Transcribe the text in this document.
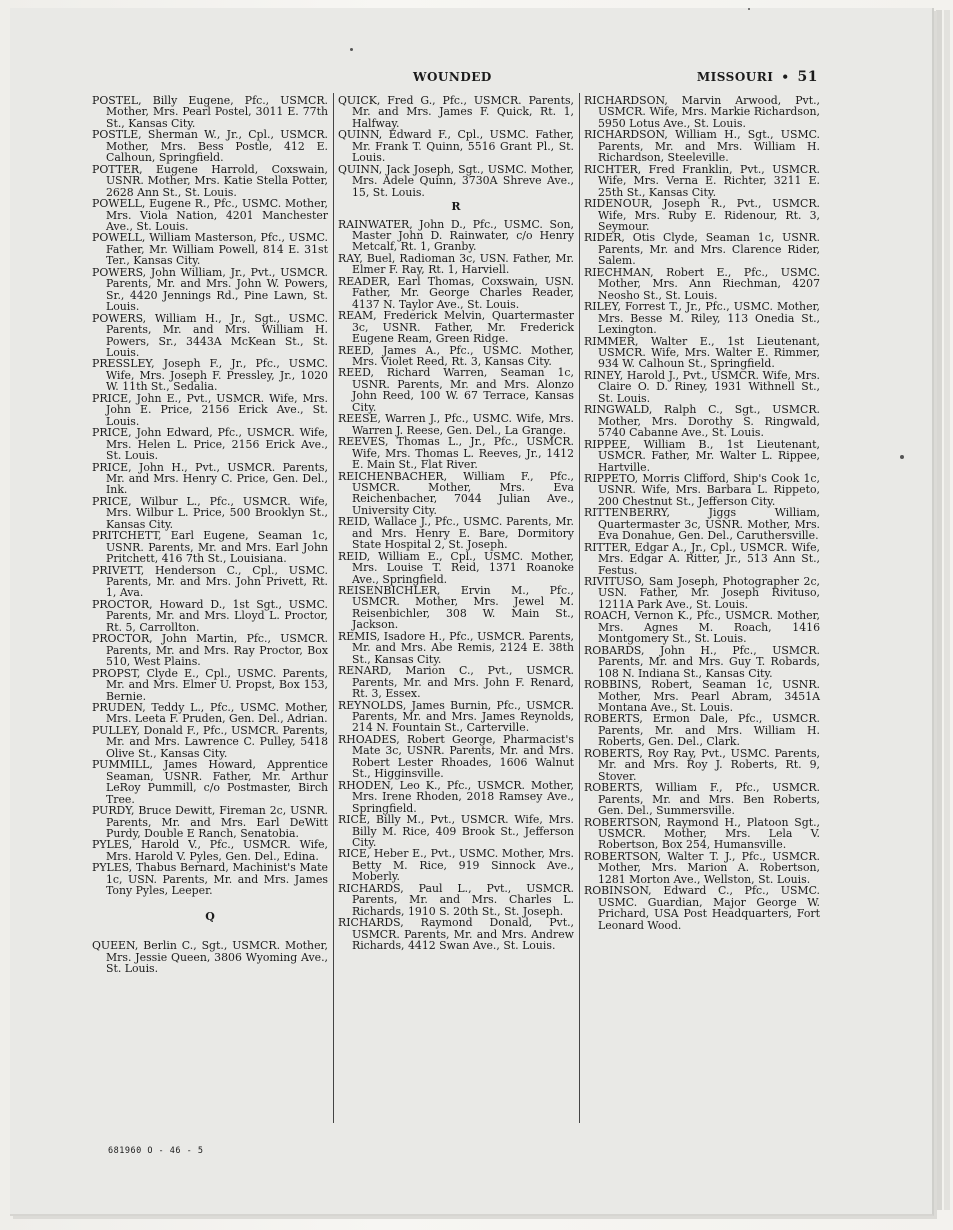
WOUNDED	MISSOURI • 51

POSTEL, Billy Eugene, Pfc., USMCR. Mother, Mrs. Pearl Postel, 3011 E. 77th St., Kansas City.

POSTLE, Sherman W., Jr., Cpl., USMCR. Mother, Mrs. Bess Postle, 412 E. Calhoun, Springfield.

POTTER, Eugene Harrold, Coxswain, USNR. Mother, Mrs. Katie Stella Potter, 2628 Ann St., St. Louis.

POWELL, Eugene R., Pfc., USMC. Mother, Mrs. Viola Nation, 4201 Manchester Ave., St. Louis.

POWELL, William Masterson, Pfc., USMC. Father, Mr. William Powell, 814 E. 31st Ter., Kansas City.

POWERS, John William, Jr., Pvt., USMCR. Parents, Mr. and Mrs. John W. Powers, Sr., 4420 Jennings Rd., Pine Lawn, St. Louis.

POWERS, William H., Jr., Sgt., USMC. Parents, Mr. and Mrs. William H. Powers, Sr., 3443A McKean St., St. Louis.

PRESSLEY, Joseph F., Jr., Pfc., USMC. Wife, Mrs. Joseph F. Pressley, Jr., 1020 W. 11th St., Sedalia.

PRICE, John E., Pvt., USMCR. Wife, Mrs. John E. Price, 2156 Erick Ave., St. Louis.

PRICE, John Edward, Pfc., USMCR. Wife, Mrs. Helen L. Price, 2156 Erick Ave., St. Louis.

PRICE, John H., Pvt., USMCR. Parents, Mr. and Mrs. Henry C. Price, Gen. Del., Ink.

PRICE, Wilbur L., Pfc., USMCR. Wife, Mrs. Wilbur L. Price, 500 Brooklyn St., Kansas City.

PRITCHETT, Earl Eugene, Seaman 1c, USNR. Parents, Mr. and Mrs. Earl John Pritchett, 416 7th St., Louisiana.

PRIVETT, Henderson C., Cpl., USMC. Parents, Mr. and Mrs. John Privett, Rt. 1, Ava.

PROCTOR, Howard D., 1st Sgt., USMC. Parents, Mr. and Mrs. Lloyd L. Proctor, Rt. 5, Carrollton.

PROCTOR, John Martin, Pfc., USMCR. Parents, Mr. and Mrs. Ray Proctor, Box 510, West Plains.

PROPST, Clyde E., Cpl., USMC. Parents, Mr. and Mrs. Elmer U. Propst, Box 153, Bernie.

PRUDEN, Teddy L., Pfc., USMC. Mother, Mrs. Leeta F. Pruden, Gen. Del., Adrian.

PULLEY, Donald F., Pfc., USMCR. Parents, Mr. and Mrs. Lawrence C. Pulley, 5418 Olive St., Kansas City.

PUMMILL, James Howard, Apprentice Seaman, USNR. Father, Mr. Arthur LeRoy Pummill, c/o Postmaster, Birch Tree.

PURDY, Bruce Dewitt, Fireman 2c, USNR. Parents, Mr. and Mrs. Earl DeWitt Purdy, Double E Ranch, Senatobia.

PYLES, Harold V., Pfc., USMCR. Wife, Mrs. Harold V. Pyles, Gen. Del., Edina.

PYLES, Thabus Bernard, Machinist's Mate 1c, USN. Parents, Mr. and Mrs. James Tony Pyles, Leeper.

Q

QUEEN, Berlin C., Sgt., USMCR. Mother, Mrs. Jessie Queen, 3806 Wyoming Ave., St. Louis.

QUICK, Fred G., Pfc., USMCR. Parents, Mr. and Mrs. James F. Quick, Rt. 1, Halfway.

QUINN, Edward F., Cpl., USMC. Father, Mr. Frank T. Quinn, 5516 Grant Pl., St. Louis.

QUINN, Jack Joseph, Sgt., USMC. Mother, Mrs. Adele Quinn, 3730A Shreve Ave., 15, St. Louis.

R

RAINWATER, John D., Pfc., USMC. Son, Master John D. Rainwater, c/o Henry Metcalf, Rt. 1, Granby.

RAY, Buel, Radioman 3c, USN. Father, Mr. Elmer F. Ray, Rt. 1, Harviell.

READER, Earl Thomas, Coxswain, USN. Father, Mr. George Charles Reader, 4137 N. Taylor Ave., St. Louis.

REAM, Frederick Melvin, Quartermaster 3c, USNR. Father, Mr. Frederick Eugene Ream, Green Ridge.

REED, James A., Pfc., USMC. Mother, Mrs. Violet Reed, Rt. 3, Kansas City.

REED, Richard Warren, Seaman 1c, USNR. Parents, Mr. and Mrs. Alonzo John Reed, 100 W. 67 Terrace, Kansas City.

REESE, Warren J., Pfc., USMC. Wife, Mrs. Warren J. Reese, Gen. Del., La Grange.

REEVES, Thomas L., Jr., Pfc., USMCR. Wife, Mrs. Thomas L. Reeves, Jr., 1412 E. Main St., Flat River.

REICHENBACHER, William F., Pfc., USMCR. Mother, Mrs. Eva Reichenbacher, 7044 Julian Ave., University City.

REID, Wallace J., Pfc., USMC. Parents, Mr. and Mrs. Henry E. Bare, Dormitory State Hospital 2, St. Joseph.

REID, William E., Cpl., USMC. Mother, Mrs. Louise T. Reid, 1371 Roanoke Ave., Springfield.

REISENBICHLER, Ervin M., Pfc., USMCR. Mother, Mrs. Jewel M. Reisenbichler, 308 W. Main St., Jackson.

REMIS, Isadore H., Pfc., USMCR. Parents, Mr. and Mrs. Abe Remis, 2124 E. 38th St., Kansas City.

RENARD, Marion C., Pvt., USMCR. Parents, Mr. and Mrs. John F. Renard, Rt. 3, Essex.

REYNOLDS, James Burnin, Pfc., USMCR. Parents, Mr. and Mrs. James Reynolds, 214 N. Fountain St., Carterville.

RHOADES, Robert George, Pharmacist's Mate 3c, USNR. Parents, Mr. and Mrs. Robert Lester Rhoades, 1606 Walnut St., Higginsville.

RHODEN, Leo K., Pfc., USMCR. Mother, Mrs. Irene Rhoden, 2018 Ramsey Ave., Springfield.

RICE, Billy M., Pvt., USMCR. Wife, Mrs. Billy M. Rice, 409 Brook St., Jefferson City.

RICE, Heber E., Pvt., USMC. Mother, Mrs. Betty M. Rice, 919 Sinnock Ave., Moberly.

RICHARDS, Paul L., Pvt., USMCR. Parents, Mr. and Mrs. Charles L. Richards, 1910 S. 20th St., St. Joseph.

RICHARDS, Raymond Donald, Pvt., USMCR. Parents, Mr. and Mrs. Andrew Richards, 4412 Swan Ave., St. Louis.

RICHARDSON, Marvin Arwood, Pvt., USMCR. Wife, Mrs. Markie Richardson, 5950 Lotus Ave., St. Louis.

RICHARDSON, William H., Sgt., USMC. Parents, Mr. and Mrs. William H. Richardson, Steeleville.

RICHTER, Fred Franklin, Pvt., USMCR. Wife, Mrs. Verna E. Richter, 3211 E. 25th St., Kansas City.

RIDENOUR, Joseph R., Pvt., USMCR. Wife, Mrs. Ruby E. Ridenour, Rt. 3, Seymour.

RIDER, Otis Clyde, Seaman 1c, USNR. Parents, Mr. and Mrs. Clarence Rider, Salem.

RIECHMAN, Robert E., Pfc., USMC. Mother, Mrs. Ann Riechman, 4207 Neosho St., St. Louis.

RILEY, Forrest T., Jr., Pfc., USMC. Mother, Mrs. Besse M. Riley, 113 Onedia St., Lexington.

RIMMER, Walter E., 1st Lieutenant, USMCR. Wife, Mrs. Walter E. Rimmer, 934 W. Calhoun St., Springfield.

RINEY, Harold J., Pvt., USMCR. Wife, Mrs. Claire O. D. Riney, 1931 Withnell St., St. Louis.

RINGWALD, Ralph C., Sgt., USMCR. Mother, Mrs. Dorothy S. Ringwald, 5740 Cabanne Ave., St. Louis.

RIPPEE, William B., 1st Lieutenant, USMCR. Father, Mr. Walter L. Rippee, Hartville.

RIPPETO, Morris Clifford, Ship's Cook 1c, USNR. Wife, Mrs. Barbara L. Rippeto, 200 Chestnut St., Jefferson City.

RITTENBERRY, Jiggs William, Quartermaster 3c, USNR. Mother, Mrs. Eva Donahue, Gen. Del., Caruthersville.

RITTER, Edgar A., Jr., Cpl., USMCR. Wife, Mrs. Edgar A. Ritter, Jr., 513 Ann St., Festus.

RIVITUSO, Sam Joseph, Photographer 2c, USN. Father, Mr. Joseph Rivituso, 1211A Park Ave., St. Louis.

ROACH, Vernon K., Pfc., USMCR. Mother, Mrs. Agnes M. Roach, 1416 Montgomery St., St. Louis.

ROBARDS, John H., Pfc., USMCR. Parents, Mr. and Mrs. Guy T. Robards, 108 N. Indiana St., Kansas City.

ROBBINS, Robert, Seaman 1c, USNR. Mother, Mrs. Pearl Abram, 3451A Montana Ave., St. Louis.

ROBERTS, Ermon Dale, Pfc., USMCR. Parents, Mr. and Mrs. William H. Roberts, Gen. Del., Clark.

ROBERTS, Roy Ray, Pvt., USMC. Parents, Mr. and Mrs. Roy J. Roberts, Rt. 9, Stover.

ROBERTS, William F., Pfc., USMCR. Parents, Mr. and Mrs. Ben Roberts, Gen. Del., Summersville.

ROBERTSON, Raymond H., Platoon Sgt., USMCR. Mother, Mrs. Lela V. Robertson, Box 254, Humansville.

ROBERTSON, Walter T. J., Pfc., USMCR. Mother, Mrs. Marion A. Robertson, 1281 Morton Ave., Wellston, St. Louis.

ROBINSON, Edward C., Pfc., USMC. USMC. Guardian, Major George W. Prichard, USA Post Headquarters, Fort Leonard Wood.

681960 O - 46 - 5
